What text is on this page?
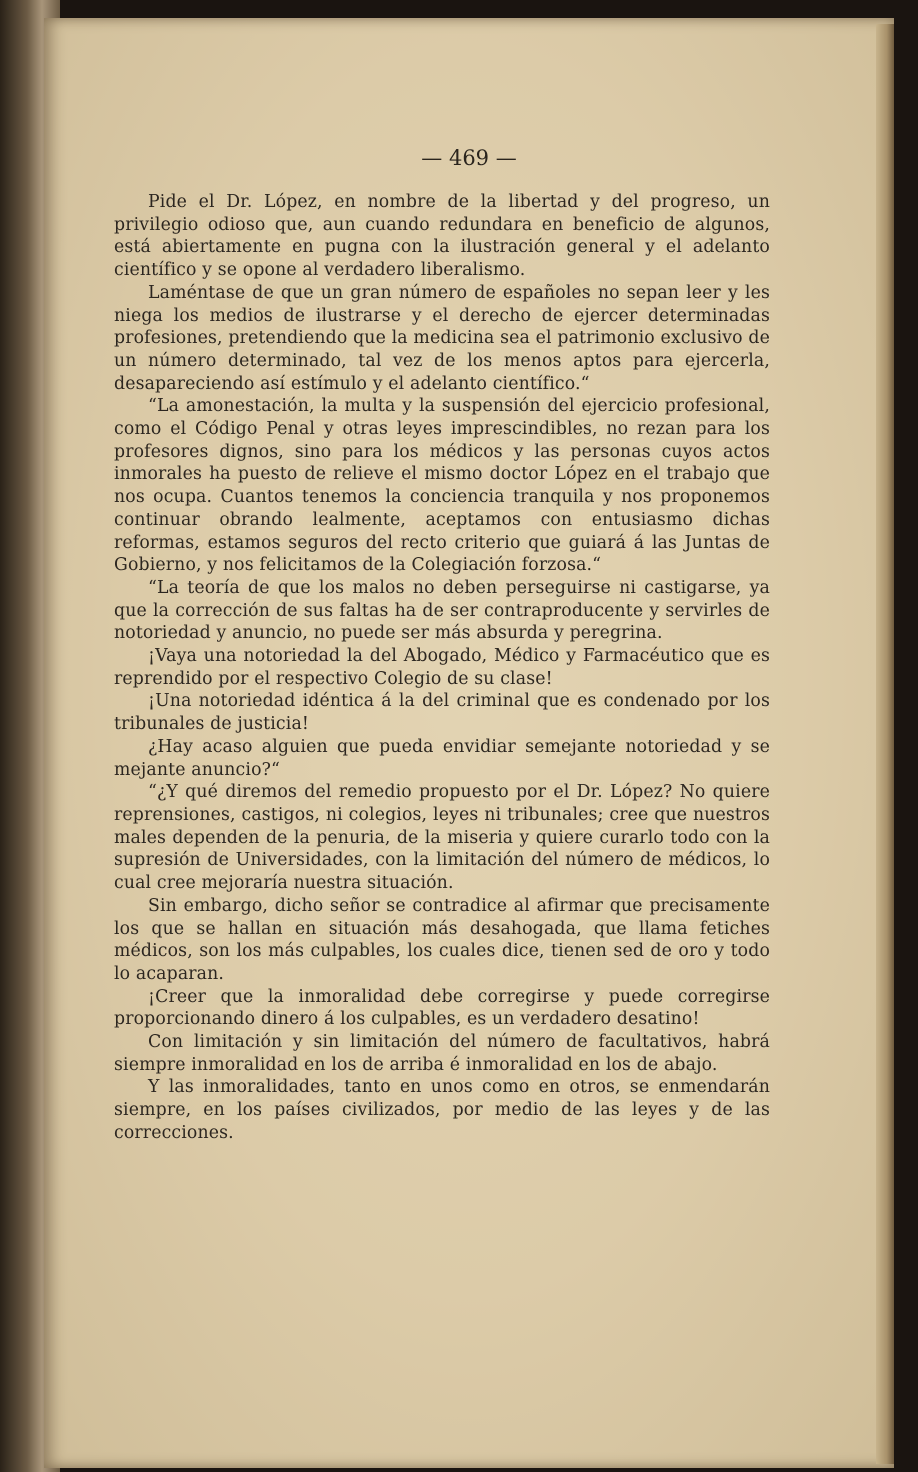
— 469 —

Pide el Dr. López, en nombre de la libertad y del progreso, un privilegio odioso que, aun cuando redundara en beneficio de algunos, está abiertamente en pugna con la ilustración general y el adelanto científico y se opone al verdadero liberalismo.

Laméntase de que un gran número de españoles no sepan leer y les niega los medios de ilustrarse y el derecho de ejercer determinadas profesiones, pretendiendo que la medicina sea el patrimonio exclusivo de un número determinado, tal vez de los menos aptos para ejercerla, desapareciendo así estímulo y el adelanto científico.“

“La amonestación, la multa y la suspensión del ejercicio profesional, como el Código Penal y otras leyes imprescindibles, no rezan para los profesores dignos, sino para los médicos y las personas cuyos actos inmorales ha puesto de relieve el mismo doctor López en el trabajo que nos ocupa. Cuantos tenemos la conciencia tranquila y nos proponemos continuar obrando lealmente, aceptamos con entusiasmo dichas reformas, estamos seguros del recto criterio que guiará á las Juntas de Gobierno, y nos felicitamos de la Colegiación forzosa.“

“La teoría de que los malos no deben perseguirse ni castigarse, ya que la corrección de sus faltas ha de ser contraproducente y servirles de notoriedad y anuncio, no puede ser más absurda y peregrina.

¡Vaya una notoriedad la del Abogado, Médico y Farmacéutico que es reprendido por el respectivo Colegio de su clase!

¡Una notoriedad idéntica á la del criminal que es condenado por los tribunales de justicia!

¿Hay acaso alguien que pueda envidiar semejante notoriedad y se mejante anuncio?“

“¿Y qué diremos del remedio propuesto por el Dr. López? No quiere reprensiones, castigos, ni colegios, leyes ni tribunales; cree que nuestros males dependen de la penuria, de la miseria y quiere curarlo todo con la supresión de Universidades, con la limitación del número de médicos, lo cual cree mejoraría nuestra situación.

Sin embargo, dicho señor se contradice al afirmar que precisamente los que se hallan en situación más desahogada, que llama fetiches médicos, son los más culpables, los cuales dice, tienen sed de oro y todo lo acaparan.

¡Creer que la inmoralidad debe corregirse y puede corregirse proporcionando dinero á los culpables, es un verdadero desatino!

Con limitación y sin limitación del número de facultativos, habrá siempre inmoralidad en los de arriba é inmoralidad en los de abajo.

Y las inmoralidades, tanto en unos como en otros, se enmendarán siempre, en los países civilizados, por medio de las leyes y de las correcciones.
